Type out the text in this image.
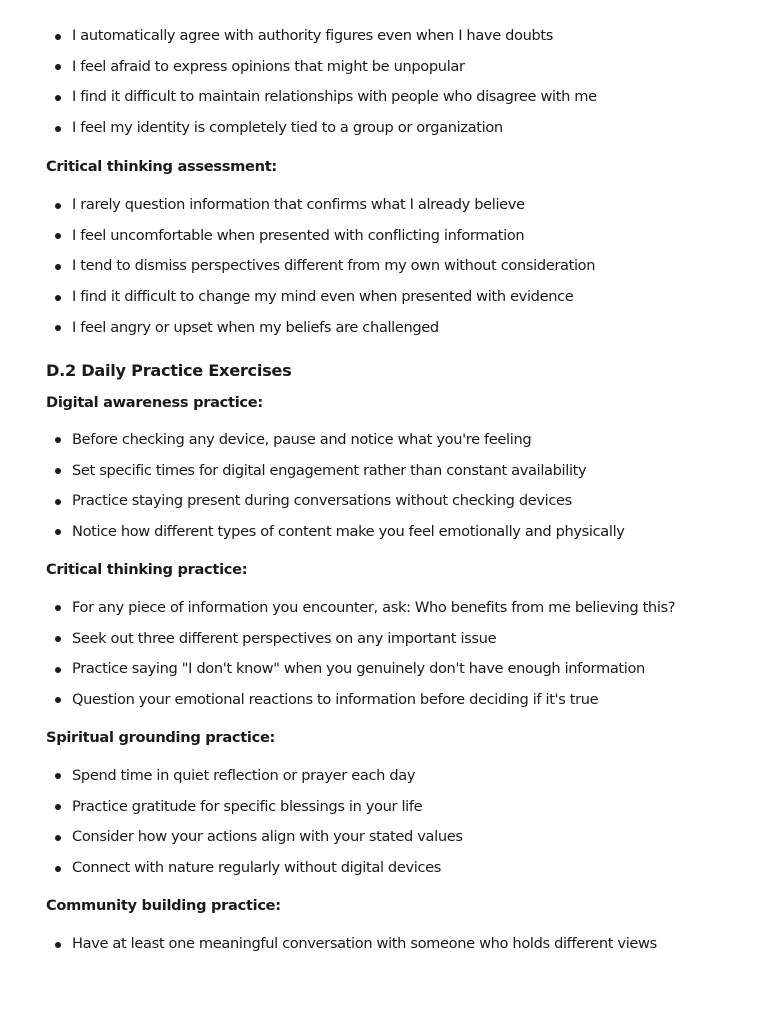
I automatically agree with authority figures even when I have doubts
I feel afraid to express opinions that might be unpopular
I find it difficult to maintain relationships with people who disagree with me
I feel my identity is completely tied to a group or organization
Critical thinking assessment:
I rarely question information that confirms what I already believe
I feel uncomfortable when presented with conflicting information
I tend to dismiss perspectives different from my own without consideration
I find it difficult to change my mind even when presented with evidence
I feel angry or upset when my beliefs are challenged
D.2 Daily Practice Exercises
Digital awareness practice:
Before checking any device, pause and notice what you're feeling
Set specific times for digital engagement rather than constant availability
Practice staying present during conversations without checking devices
Notice how different types of content make you feel emotionally and physically
Critical thinking practice:
For any piece of information you encounter, ask: Who benefits from me believing this?
Seek out three different perspectives on any important issue
Practice saying "I don't know" when you genuinely don't have enough information
Question your emotional reactions to information before deciding if it's true
Spiritual grounding practice:
Spend time in quiet reflection or prayer each day
Practice gratitude for specific blessings in your life
Consider how your actions align with your stated values
Connect with nature regularly without digital devices
Community building practice:
Have at least one meaningful conversation with someone who holds different views
